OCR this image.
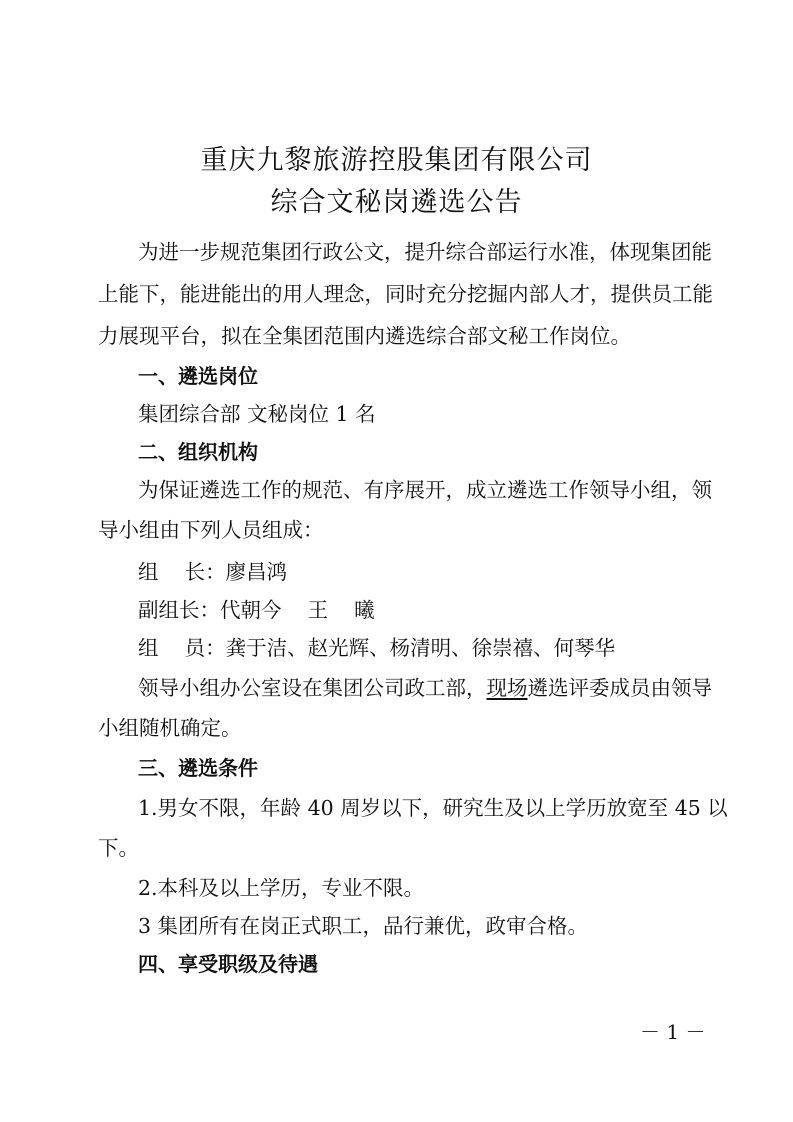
重庆九黎旅游控股集团有限公司
综合文秘岗遴选公告
为进一步规范集团行政公文，提升综合部运行水准，体现集团能
上能下，能进能出的用人理念，同时充分挖掘内部人才，提供员工能
力展现平台，拟在全集团范围内遴选综合部文秘工作岗位。
一、遴选岗位
集团综合部 文秘岗位 1 名
二、组织机构
为保证遴选工作的规范、有序展开，成立遴选工作领导小组，领
导小组由下列人员组成：
组    长：廖昌鸿
副组长：代朝今    王    曦
组    员：龚于洁、赵光辉、杨清明、徐崇禧、何琴华
领导小组办公室设在集团公司政工部，现场遴选评委成员由领导
小组随机确定。
三、遴选条件
1.男女不限，年龄 40 周岁以下，研究生及以上学历放宽至 45 以
下。
2.本科及以上学历，专业不限。
3 集团所有在岗正式职工，品行兼优，政审合格。
四、享受职级及待遇
－ 1 －
